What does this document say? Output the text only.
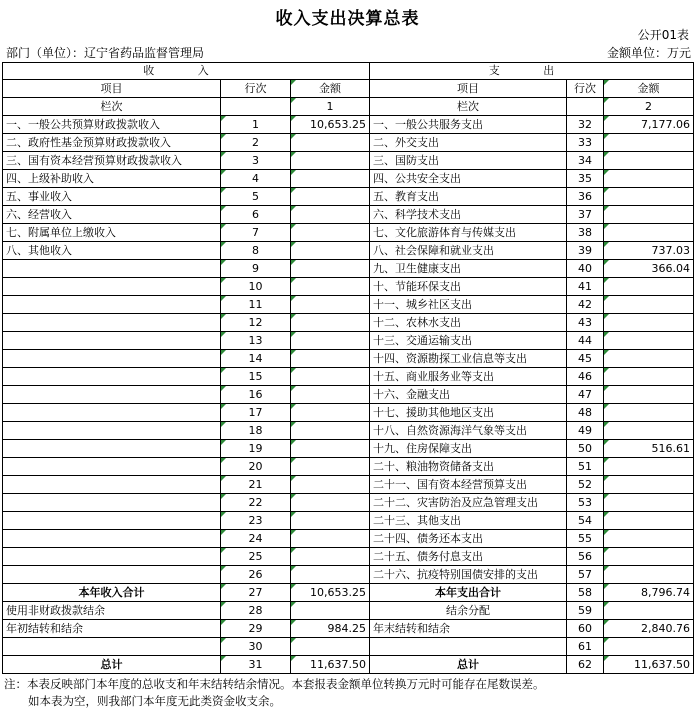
收入支出决算总表
公开01表
部门（单位）：辽宁省药品监督管理局	金额单位：万元
收 入			支 出		
项目	行次	金额	项目	行次	金额
栏次		1	栏次		2
一、一般公共预算财政拨款收入	1	10,653.25	一、一般公共服务支出	32	7,177.06
二、政府性基金预算财政拨款收入	2		二、外交支出	33	
三、国有资本经营预算财政拨款收入	3		三、国防支出	34	
四、上级补助收入	4		四、公共安全支出	35	
五、事业收入	5		五、教育支出	36	
六、经营收入	6		六、科学技术支出	37	
七、附属单位上缴收入	7		七、文化旅游体育与传媒支出	38	
八、其他收入	8		八、社会保障和就业支出	39	737.03
	9		九、卫生健康支出	40	366.04
	10		十、节能环保支出	41	
	11		十一、城乡社区支出	42	
	12		十二、农林水支出	43	
	13		十三、交通运输支出	44	
	14		十四、资源勘探工业信息等支出	45	
	15		十五、商业服务业等支出	46	
	16		十六、金融支出	47	
	17		十七、援助其他地区支出	48	
	18		十八、自然资源海洋气象等支出	49	
	19		十九、住房保障支出	50	516.61
	20		二十、粮油物资储备支出	51	
	21		二十一、国有资本经营预算支出	52	
	22		二十二、灾害防治及应急管理支出	53	
	23		二十三、其他支出	54	
	24		二十四、债务还本支出	55	
	25		二十五、债务付息支出	56	
	26		二十六、抗疫特别国债安排的支出	57	
本年收入合计	27	10,653.25	本年支出合计	58	8,796.74
使用非财政拨款结余	28		结余分配	59	
年初结转和结余	29	984.25	年末结转和结余	60	2,840.76
	30			61	
总计	31	11,637.50	总计	62	11,637.50
注：本表反映部门本年度的总收支和年末结转结余情况。本套报表金额单位转换万元时可能存在尾数误差。
如本表为空，则我部门本年度无此类资金收支余。
